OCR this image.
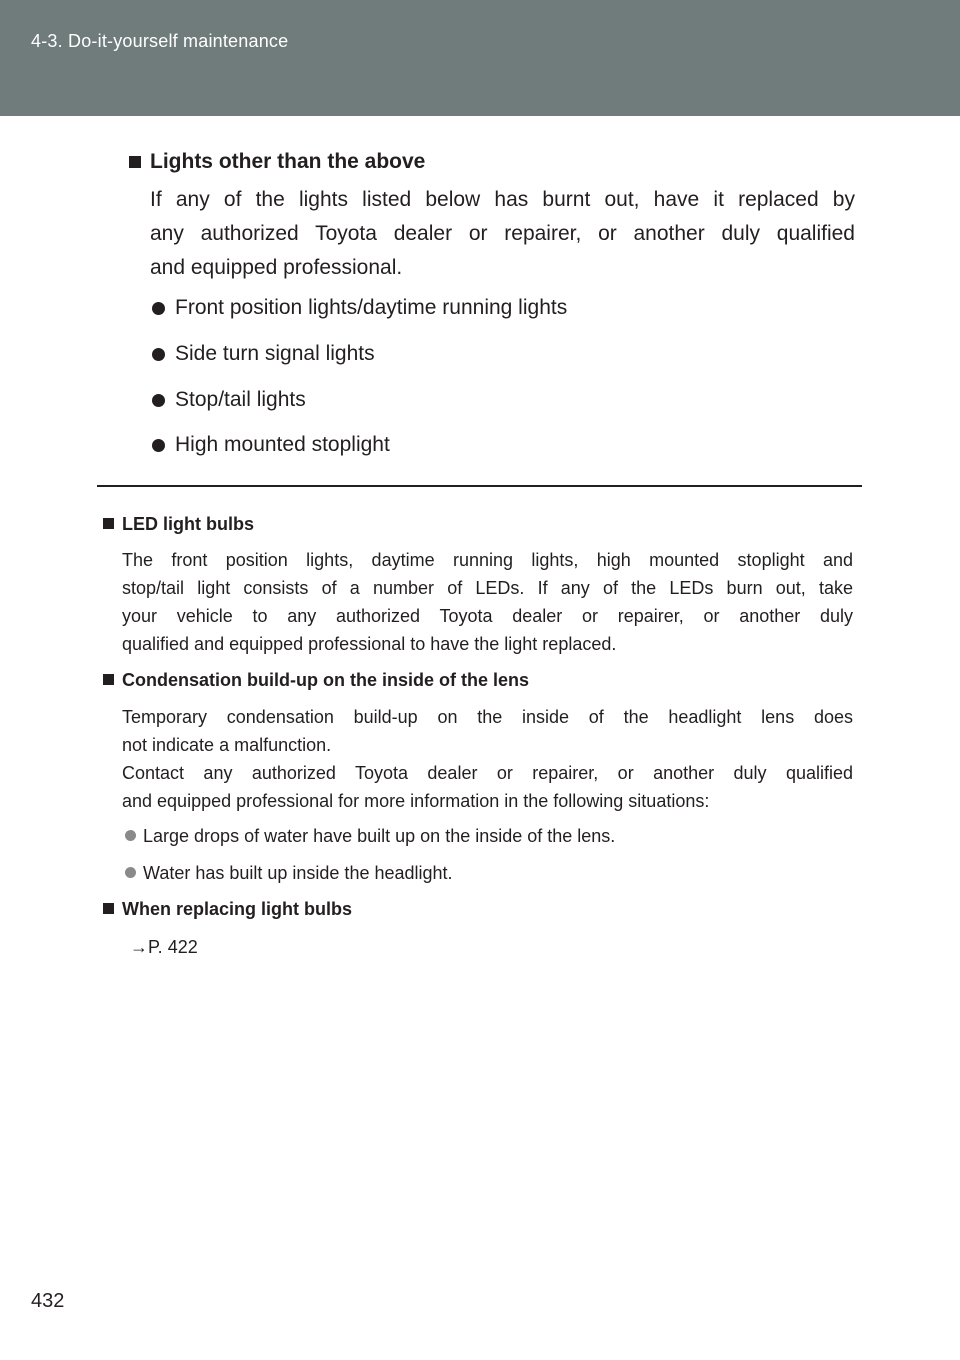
4-3. Do-it-yourself maintenance
Lights other than the above
If any of the lights listed below has burnt out, have it replaced by
any authorized Toyota dealer or repairer, or another duly qualified
and equipped professional.
Front position lights/daytime running lights
Side turn signal lights
Stop/tail lights
High mounted stoplight
LED light bulbs
The front position lights, daytime running lights, high mounted stoplight and
stop/tail light consists of a number of LEDs. If any of the LEDs burn out, take
your vehicle to any authorized Toyota dealer or repairer, or another duly
qualified and equipped professional to have the light replaced.
Condensation build-up on the inside of the lens
Temporary condensation build-up on the inside of the headlight lens does
not indicate a malfunction.
Contact any authorized Toyota dealer or repairer, or another duly qualified
and equipped professional for more information in the following situations:
Large drops of water have built up on the inside of the lens.
Water has built up inside the headlight.
When replacing light bulbs
→P. 422
432
